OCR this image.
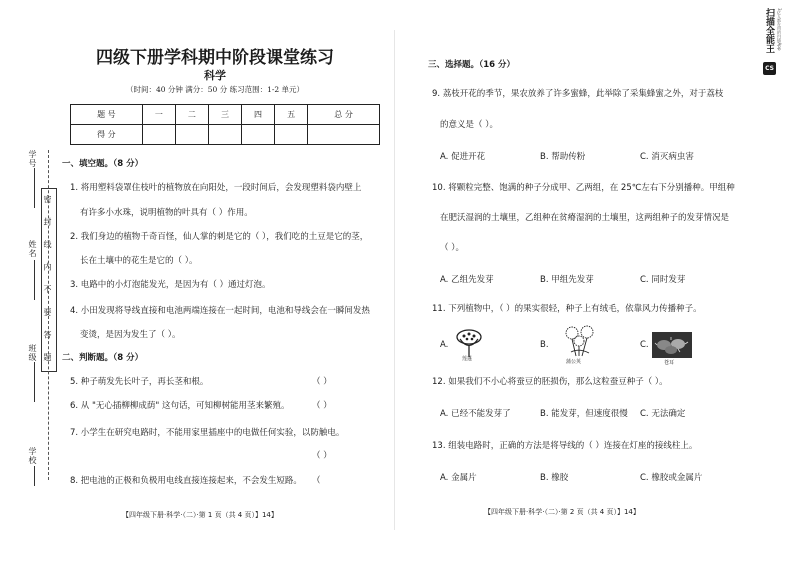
密 封 线 内 不 要 答 题
学号
姓名
班级
学校
四级下册学科期中阶段课堂练习
科学
（时间：40 分钟 满分：50 分 练习范围：1-2 单元）
题 号	一	二	三	四	五	总 分
得 分						
一、填空题。（8 分）
1. 将用塑料袋罩住枝叶的植物放在向阳处，一段时间后，会发现塑料袋内壁上
有许多小水珠，说明植物的叶具有（ ）作用。
2. 我们身边的植物千奇百怪，仙人掌的刺是它的（ ），我们吃的土豆是它的茎，
长在土壤中的花生是它的（ ）。
3. 电路中的小灯泡能发光，是因为有（ ）通过灯泡。
4. 小田发现将导线直接和电池两端连接在一起时间，电池和导线会在一瞬间发热
变烫，是因为发生了（ ）。
二、判断题。（8 分）
5. 种子萌发先长叶子，再长茎和根。	（ ）
6. 从 "无心插柳柳成荫" 这句话，可知柳树能用茎来繁殖。	（ ）
7. 小学生在研究电路时，不能用家里插座中的电做任何实验，以防触电。
（ ）
8. 把电池的正极和负极用电线直接连接起来，不会发生短路。 （
【四年级下册·科学·（二）·第 1 页（共 4 页）】14】
三、选择题。（16 分）
9. 荔枝开花的季节，果农放养了许多蜜蜂，此举除了采集蜂蜜之外，对于荔枝
的意义是（ ）。
A. 促进开花	B. 帮助传粉	C. 消灭病虫害
10. 将颗粒完整、饱满的种子分成甲、乙两组，在 25℃左右下分别播种。甲组种
在肥沃湿润的土壤里，乙组种在贫瘠湿润的土壤里，这两组种子的发芽情况是
（ ）。
A. 乙组先发芽	B. 甲组先发芽	C. 同时发芽
11. 下列植物中，（ ）的果实很轻，种子上有绒毛，依靠风力传播种子。
A.	B.	C.
莲蓬	蒲公英	苍耳
12. 如果我们不小心将蚕豆的胚损伤，那么这粒蚕豆种子（ ）。
A. 已经不能发芽了	B. 能发芽，但速度很慢 C. 无法确定
13. 组装电路时，正确的方法是将导线的（ ）连接在灯座的接线柱上。
A. 金属片	B. 橡胶	C. 橡胶或金属片
【四年级下册·科学·（二）·第 2 页（共 4 页）】14】
CS
扫描全能王 3亿人都在用的扫描App
